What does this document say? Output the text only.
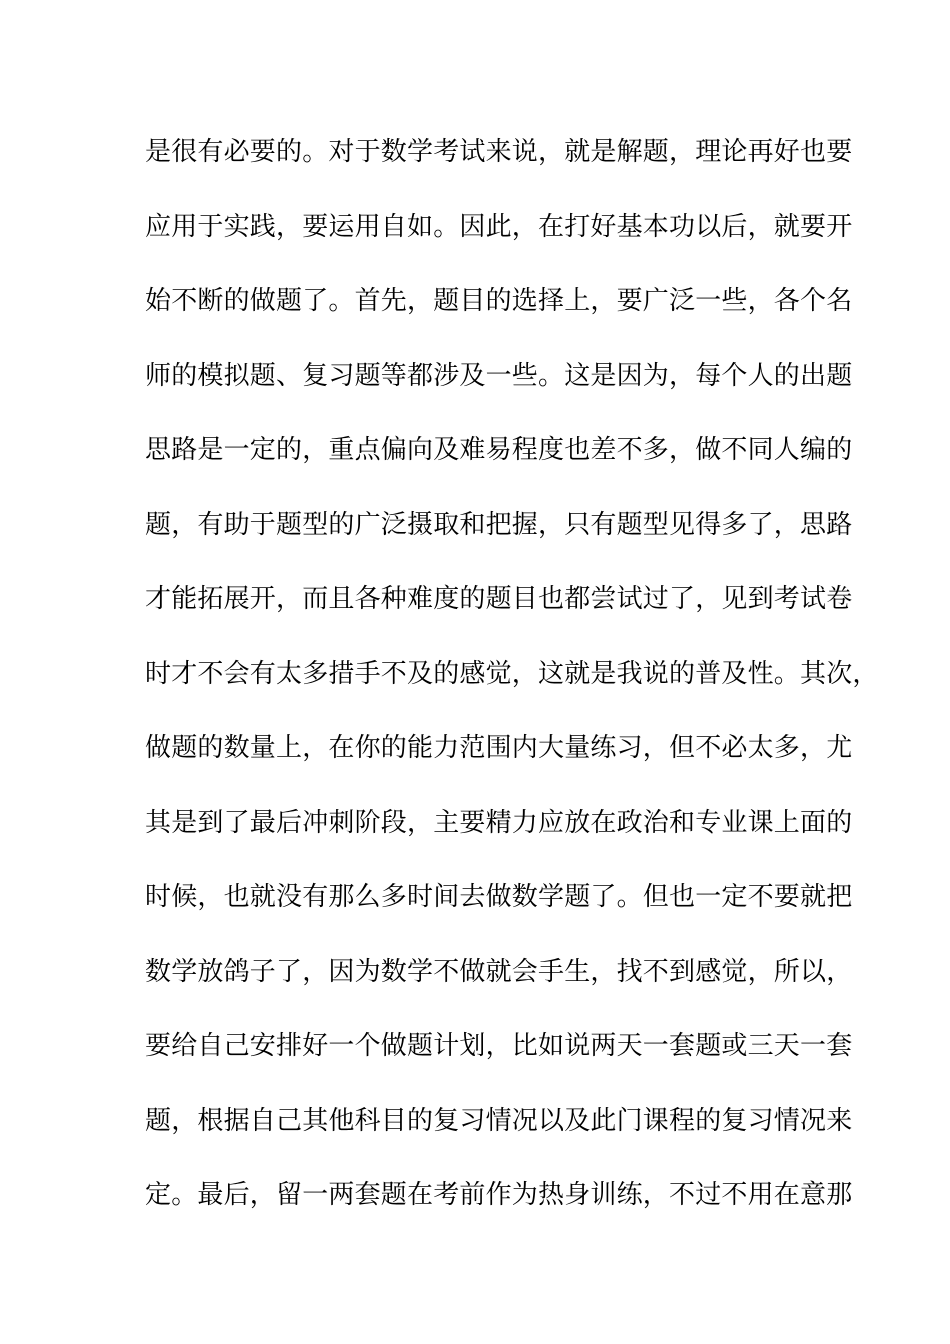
是很有必要的。对于数学考试来说，就是解题，理论再好也要
应用于实践，要运用自如。因此，在打好基本功以后，就要开
始不断的做题了。首先，题目的选择上，要广泛一些，各个名
师的模拟题、复习题等都涉及一些。这是因为，每个人的出题
思路是一定的，重点偏向及难易程度也差不多，做不同人编的
题，有助于题型的广泛摄取和把握，只有题型见得多了，思路
才能拓展开，而且各种难度的题目也都尝试过了，见到考试卷
时才不会有太多措手不及的感觉，这就是我说的普及性。其次，
做题的数量上，在你的能力范围内大量练习，但不必太多，尤
其是到了最后冲刺阶段，主要精力应放在政治和专业课上面的
时候，也就没有那么多时间去做数学题了。但也一定不要就把
数学放鸽子了，因为数学不做就会手生，找不到感觉，所以，
要给自己安排好一个做题计划，比如说两天一套题或三天一套
题，根据自己其他科目的复习情况以及此门课程的复习情况来
定。最后，留一两套题在考前作为热身训练，不过不用在意那
